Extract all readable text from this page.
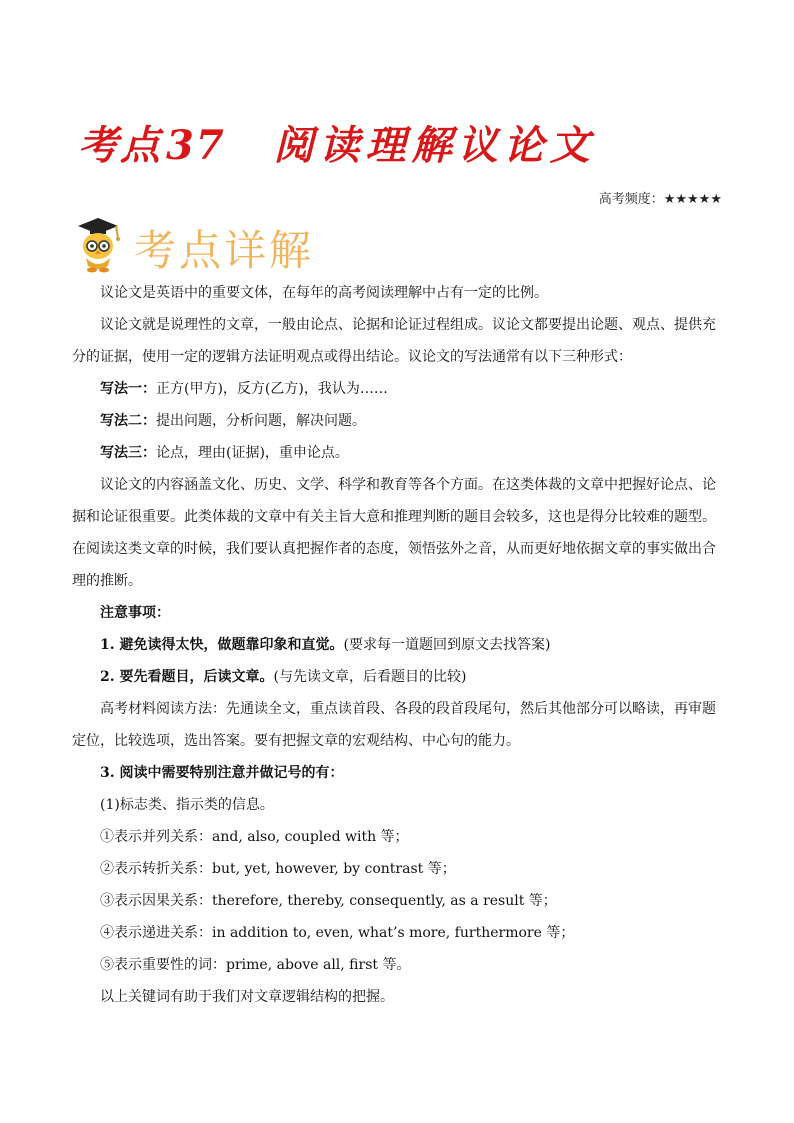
考点 37 阅读理解议论文
高考频度：★★★★★
考点详解

议论文是英语中的重要文体，在每年的高考阅读理解中占有一定的比例。

议论文就是说理性的文章，一般由论点、论据和论证过程组成。议论文都要提出论题、观点、提供充分的证据，使用一定的逻辑方法证明观点或得出结论。议论文的写法通常有以下三种形式：

写法一：正方(甲方)，反方(乙方)，我认为……

写法二：提出问题，分析问题，解决问题。

写法三：论点，理由(证据)，重申论点。

议论文的内容涵盖文化、历史、文学、科学和教育等各个方面。在这类体裁的文章中把握好论点、论据和论证很重要。此类体裁的文章中有关主旨大意和推理判断的题目会较多，这也是得分比较难的题型。在阅读这类文章的时候，我们要认真把握作者的态度，领悟弦外之音，从而更好地依据文章的事实做出合理的推断。

注意事项：

1. 避免读得太快，做题靠印象和直觉。(要求每一道题回到原文去找答案)

2. 要先看题目，后读文章。(与先读文章，后看题目的比较)

高考材料阅读方法：先通读全文，重点读首段、各段的段首段尾句，然后其他部分可以略读，再审题定位，比较选项，选出答案。要有把握文章的宏观结构、中心句的能力。

3. 阅读中需要特别注意并做记号的有：

(1)标志类、指示类的信息。

①表示并列关系：and, also, coupled with 等；

②表示转折关系：but, yet, however, by contrast 等；

③表示因果关系：therefore, thereby, consequently, as a result 等；

④表示递进关系：in addition to, even, what’s more, furthermore 等；

⑤表示重要性的词：prime, above all, first 等。

以上关键词有助于我们对文章逻辑结构的把握。
